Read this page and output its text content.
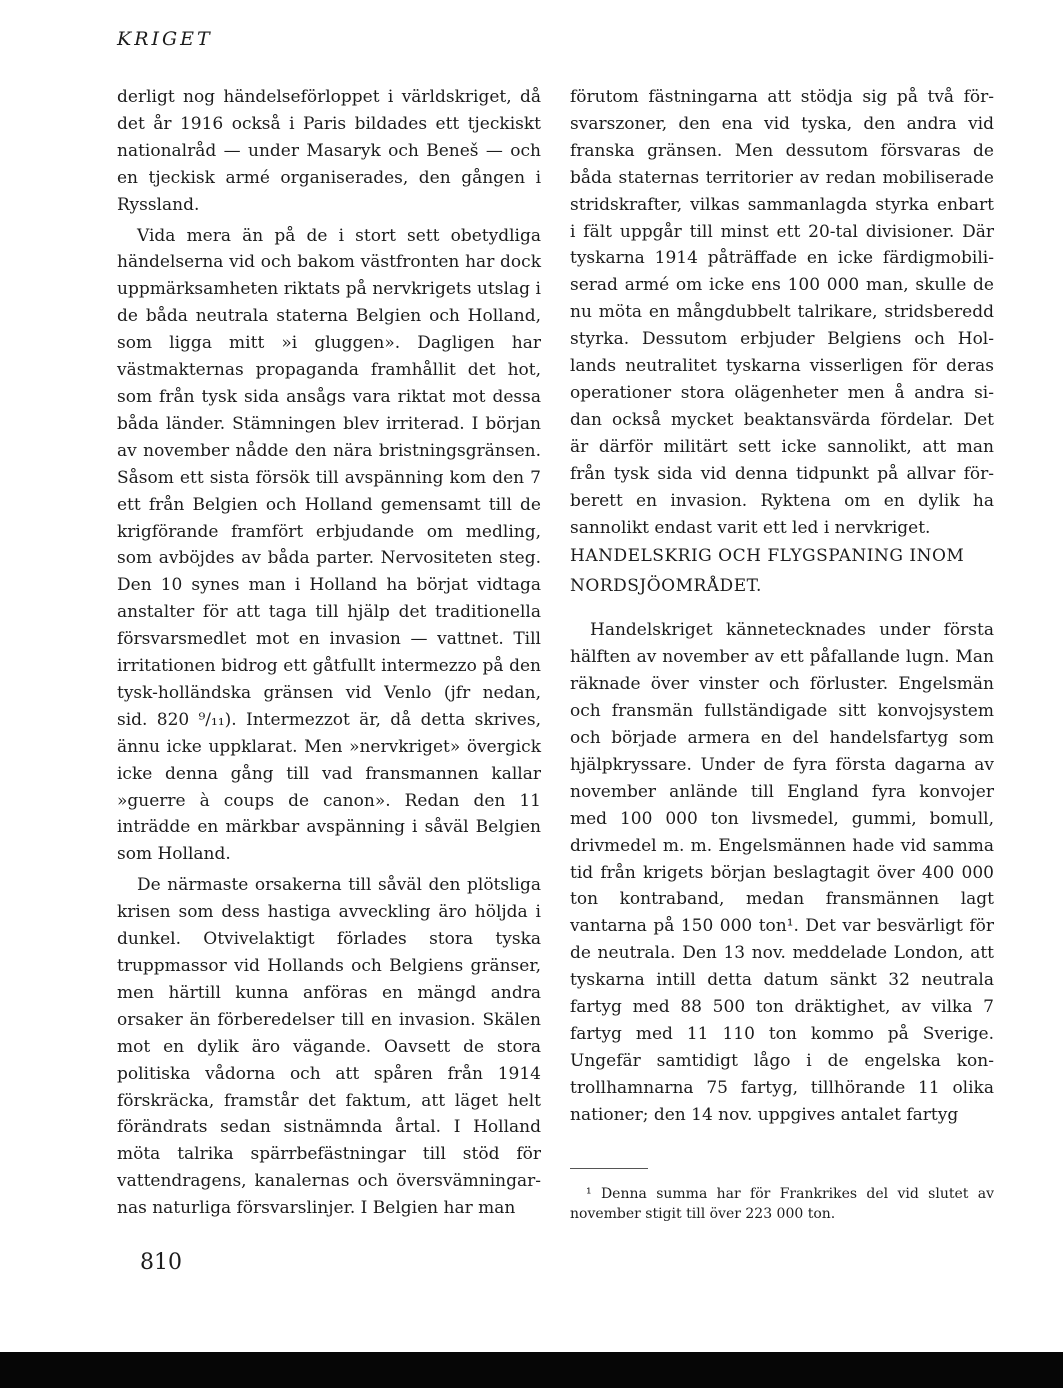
KRIGET

derligt nog händelseförloppet i världskriget, då det år 1916 också i Paris bildades ett tjeckiskt nationalråd — under Masaryk och Beneš — och en tjeckisk armé organiserades, den gången i Ryssland.

Vida mera än på de i stort sett obetydliga händelserna vid och bakom västfronten har dock uppmärksamheten riktats på nervkrigets utslag i de båda neutrala staterna Belgien och Holland, som ligga mitt »i gluggen». Dagligen har västmakternas propaganda framhållit det hot, som från tysk sida ansågs vara riktat mot dessa båda länder. Stämningen blev irriterad. I början av november nådde den nära bristningsgränsen. Såsom ett sista försök till avspänning kom den 7 ett från Belgien och Holland gemensamt till de krigförande framfört erbjudande om medling, som avböjdes av båda parter. Nervositeten steg. Den 10 synes man i Holland ha börjat vidtaga anstalter för att taga till hjälp det traditionella försvarsmedlet mot en invasion — vattnet. Till irritationen bidrog ett gåtfullt intermezzo på den tysk-holländska gränsen vid Venlo (jfr nedan, sid. 820 ⁹/₁₁). Intermezzot är, då detta skrives, ännu icke uppklarat. Men »nervkriget» övergick icke denna gång till vad fransmannen kallar »guerre à coups de canon». Redan den 11 inträdde en märkbar avspänning i såväl Belgien som Holland.

De närmaste orsakerna till såväl den plötsliga krisen som dess hastiga avveckling äro höljda i dunkel. Otvivelaktigt förlades stora tyska truppmassor vid Hollands och Belgiens gränser, men härtill kunna anföras en mängd andra orsaker än förberedelser till en invasion. Skälen mot en dylik äro vägande. Oavsett de stora politiska vådorna och att spåren från 1914 förskräcka, framstår det faktum, att läget helt förändrats sedan sistnämnda årtal. I Holland möta talrika spärrbefästningar till stöd för vattendragens, kanalernas och översvämningarnas naturliga försvarslinjer. I Belgien har man

förutom fästningarna att stödja sig på två försvarszoner, den ena vid tyska, den andra vid franska gränsen. Men dessutom försvaras de båda staternas territorier av redan mobiliserade stridskrafter, vilkas sammanlagda styrka enbart i fält uppgår till minst ett 20-tal divisioner. Där tyskarna 1914 påträffade en icke färdigmobiliserad armé om icke ens 100 000 man, skulle de nu möta en mångdubbelt talrikare, stridsberedd styrka. Dessutom erbjuder Belgiens och Hollands neutralitet tyskarna visserligen för deras operationer stora olägenheter men å andra sidan också mycket beaktansvärda fördelar. Det är därför militärt sett icke sannolikt, att man från tysk sida vid denna tidpunkt på allvar förberett en invasion. Ryktena om en dylik ha sannolikt endast varit ett led i nervkriget.

HANDELSKRIG OCH FLYGSPANING INOM NORDSJÖOMRÅDET.

Handelskriget kännetecknades under första hälften av november av ett påfallande lugn. Man räknade över vinster och förluster. Engelsmän och fransmän fullständigade sitt konvojsystem och började armera en del handelsfartyg som hjälpkryssare. Under de fyra första dagarna av november anlände till England fyra konvojer med 100 000 ton livsmedel, gummi, bomull, drivmedel m. m. Engelsmännen hade vid samma tid från krigets början beslagtagit över 400 000 ton kontraband, medan fransmännen lagt vantarna på 150 000 ton¹. Det var besvärligt för de neutrala. Den 13 nov. meddelade London, att tyskarna intill detta datum sänkt 32 neutrala fartyg med 88 500 ton dräktighet, av vilka 7 fartyg med 11 110 ton kommo på Sverige. Ungefär samtidigt lågo i de engelska kontrollhamnarna 75 fartyg, tillhörande 11 olika nationer; den 14 nov. uppgives antalet fartyg

¹ Denna summa har för Frankrikes del vid slutet av november stigit till över 223 000 ton.
810
